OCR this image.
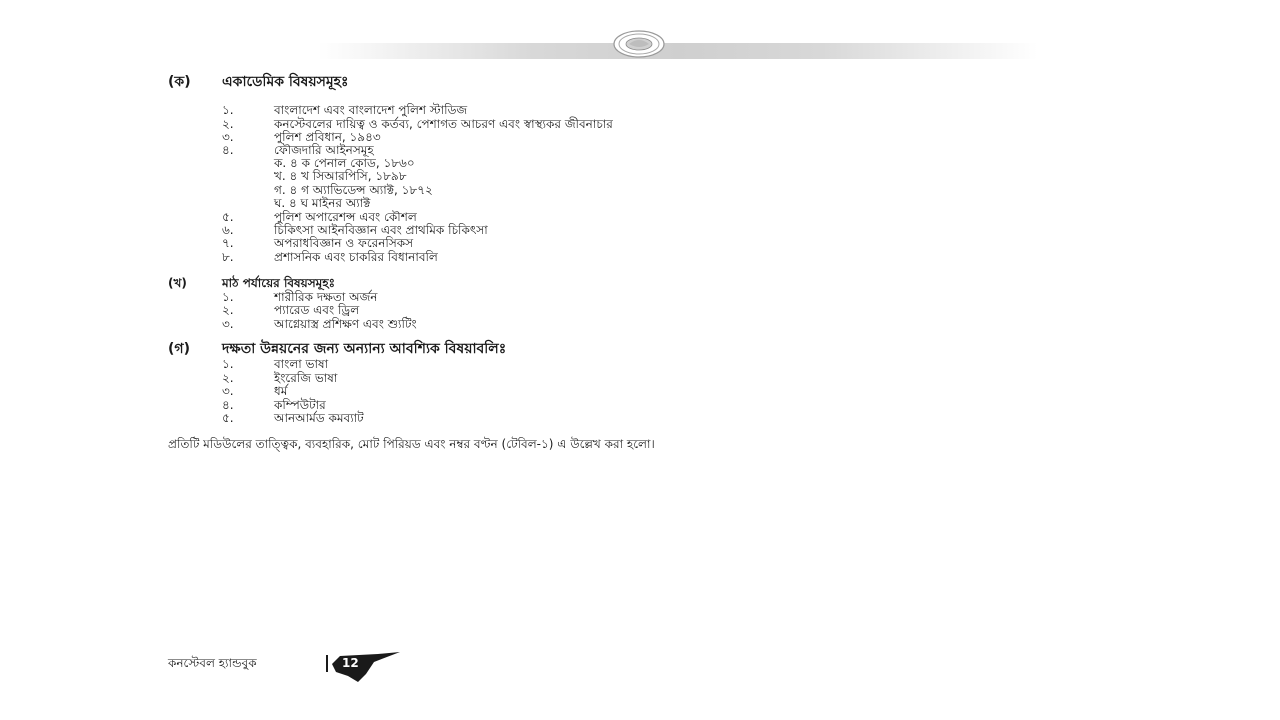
(ক) একাডেমিক বিষয়সমূহঃ
১.	বাংলাদেশ এবং বাংলাদেশ পুলিশ স্টাডিজ
২.	কনস্টেবলের দায়িত্ব ও কর্তব্য, পেশাগত আচরণ এবং স্বাস্থ্যকর জীবনাচার
৩.	পুলিশ প্রবিধান, ১৯৪৩
৪.	ফৌজদারি আইনসমূহ
ক. ৪ ক পেনাল কোড, ১৮৬০
খ. ৪ খ সিআরপিসি, ১৮৯৮
গ. ৪ গ অ্যাভিডেন্স অ্যাক্ট, ১৮৭২
ঘ. ৪ ঘ মাইনর অ্যাক্ট
৫.	পুলিশ অপারেশন্স এবং কৌশল
৬.	চিকিৎসা আইনবিজ্ঞান এবং প্রাথমিক চিকিৎসা
৭.	অপরাধবিজ্ঞান ও ফরেনসিকস
৮.	প্রশাসনিক এবং চাকরির বিধানাবলি
(খ)	মাঠ পর্যায়ের বিষয়সমূহঃ
১.	শারীরিক দক্ষতা অর্জন
২.	প্যারেড এবং ড্রিল
৩.	আগ্নেয়াস্ত্র প্রশিক্ষণ এবং শ্যুটিং
(গ) দক্ষতা উন্নয়নের জন্য অন্যান্য আবশ্যিক বিষয়াবলিঃ
১.	বাংলা ভাষা
২.	ইংরেজি ভাষা
৩.	ধর্ম
৪.	কম্পিউটার
৫.	আনআর্মড কমব্যাট
প্রতিটি মডিউলের তাত্ত্বিক, ব্যবহারিক, মোট পিরিয়ড এবং নম্বর বণ্টন (টেবিল-১) এ উল্লেখ করা হলো।
কনস্টেবল হ্যান্ডবুক	12
